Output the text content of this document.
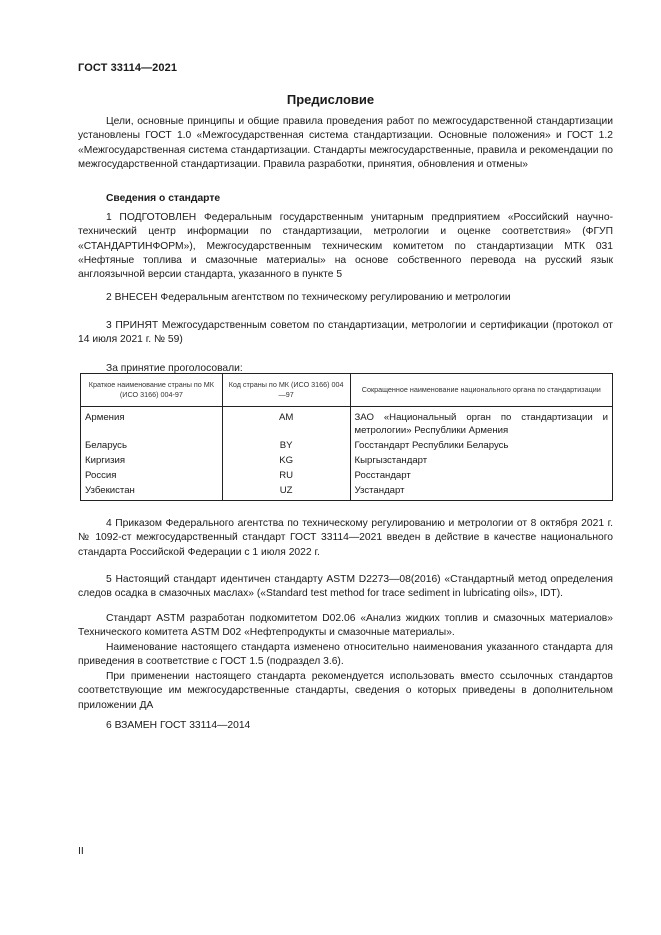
ГОСТ 33114—2021
Предисловие
Цели, основные принципы и общие правила проведения работ по межгосударственной стандартизации установлены ГОСТ 1.0 «Межгосударственная система стандартизации. Основные положения» и ГОСТ 1.2 «Межгосударственная система стандартизации. Стандарты межгосударственные, правила и рекомендации по межгосударственной стандартизации. Правила разработки, принятия, обновления и отмены»
Сведения о стандарте
1 ПОДГОТОВЛЕН Федеральным государственным унитарным предприятием «Российский научно-технический центр информации по стандартизации, метрологии и оценке соответствия» (ФГУП «СТАНДАРТИНФОРМ»), Межгосударственным техническим комитетом по стандартизации МТК 031 «Нефтяные топлива и смазочные материалы» на основе собственного перевода на русский язык англоязычной версии стандарта, указанного в пункте 5
2 ВНЕСЕН Федеральным агентством по техническому регулированию и метрологии
3 ПРИНЯТ Межгосударственным советом по стандартизации, метрологии и сертификации (протокол от 14 июля 2021 г. № 59)
За принятие проголосовали:
Краткое наименование страны по МК (ИСО 3166) 004-97	Код страны по МК (ИСО 3166) 004—97	Сокращенное наименование национального органа по стандартизации
Армения	AM	ЗАО «Национальный орган по стандартизации и метрологии» Республики Армения
Беларусь	BY	Госстандарт Республики Беларусь
Киргизия	KG	Кыргызстандарт
Россия	RU	Росстандарт
Узбекистан	UZ	Узстандарт
4 Приказом Федерального агентства по техническому регулированию и метрологии от 8 октября 2021 г. № 1092-ст межгосударственный стандарт ГОСТ 33114—2021 введен в действие в качестве национального стандарта Российской Федерации с 1 июля 2022 г.
5 Настоящий стандарт идентичен стандарту ASTM D2273—08(2016) «Стандартный метод определения следов осадка в смазочных маслах» («Standard test method for trace sediment in lubricating oils», IDT).
Стандарт ASTM разработан подкомитетом D02.06 «Анализ жидких топлив и смазочных материалов» Технического комитета ASTM D02 «Нефтепродукты и смазочные материалы».
Наименование настоящего стандарта изменено относительно наименования указанного стандарта для приведения в соответствие с ГОСТ 1.5 (подраздел 3.6).
При применении настоящего стандарта рекомендуется использовать вместо ссылочных стандартов соответствующие им межгосударственные стандарты, сведения о которых приведены в дополнительном приложении ДА
6 ВЗАМЕН ГОСТ 33114—2014
II
